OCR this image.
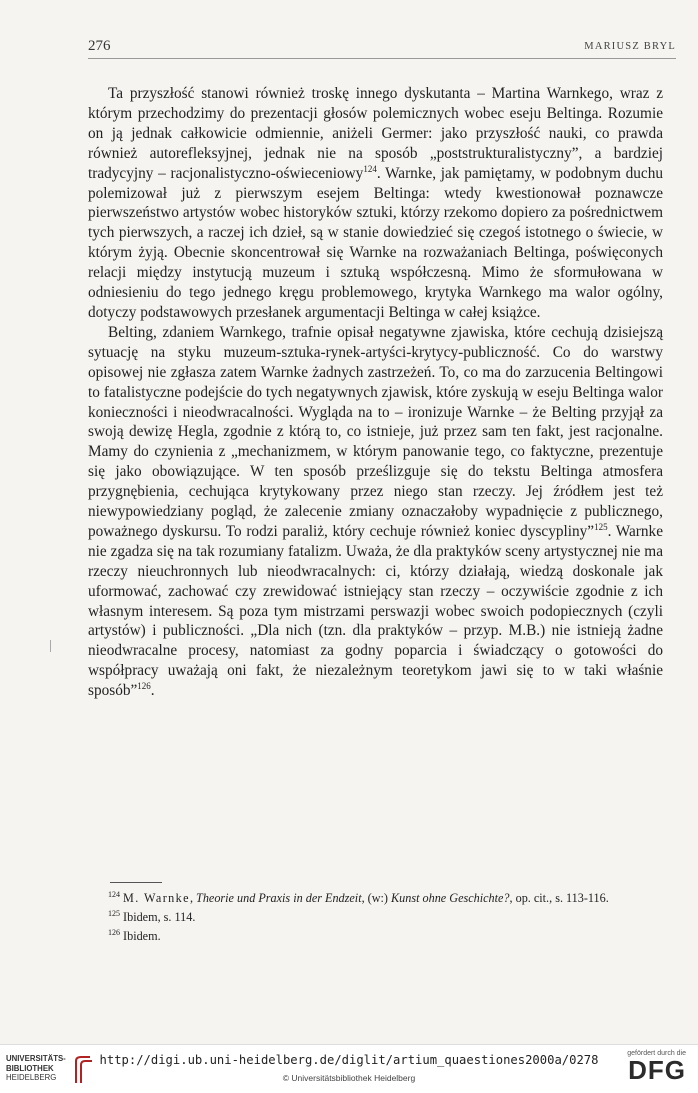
276	MARIUSZ BRYL

Ta przyszłość stanowi również troskę innego dyskutanta – Martina Warnkego, wraz z którym przechodzimy do prezentacji głosów polemicznych wobec eseju Beltinga. Rozumie on ją jednak całkowicie odmiennie, aniżeli Germer: jako przyszłość nauki, co prawda również autorefleksyjnej, jednak nie na sposób „poststrukturalistyczny”, a bardziej tradycyjny – racjonalistyczno-oświeceniowy$^{124}$. Warnke, jak pamiętamy, w podobnym duchu polemizował już z pierwszym esejem Beltinga: wtedy kwestionował poznawcze pierwszeństwo artystów wobec historyków sztuki, którzy rzekomo dopiero za pośrednictwem tych pierwszych, a raczej ich dzieł, są w stanie dowiedzieć się czegoś istotnego o świecie, w którym żyją. Obecnie skoncentrował się Warnke na rozważaniach Beltinga, poświęconych relacji między instytucją muzeum i sztuką współczesną. Mimo że sformułowana w odniesieniu do tego jednego kręgu problemowego, krytyka Warnkego ma walor ogólny, dotyczy podstawowych przesłanek argumentacji Beltinga w całej książce.

Belting, zdaniem Warnkego, trafnie opisał negatywne zjawiska, które cechują dzisiejszą sytuację na styku muzeum-sztuka-rynek-artyści-krytycy-publiczność. Co do warstwy opisowej nie zgłasza zatem Warnke żadnych zastrzeżeń. To, co ma do zarzucenia Beltingowi to fatalistyczne podejście do tych negatywnych zjawisk, które zyskują w eseju Beltinga walor konieczności i nieodwracalności. Wygląda na to – ironizuje Warnke – że Belting przyjął za swoją dewizę Hegla, zgodnie z którą to, co istnieje, już przez sam ten fakt, jest racjonalne. Mamy do czynienia z „mechanizmem, w którym panowanie tego, co faktyczne, prezentuje się jako obowiązujące. W ten sposób prześlizguje się do tekstu Beltinga atmosfera przygnębienia, cechująca krytykowany przez niego stan rzeczy. Jej źródłem jest też niewypowiedziany pogląd, że zalecenie zmiany oznaczałoby wypadnięcie z publicznego, poważnego dyskursu. To rodzi paraliż, który cechuje również koniec dyscypliny”$^{125}$. Warnke nie zgadza się na tak rozumiany fatalizm. Uważa, że dla praktyków sceny artystycznej nie ma rzeczy nieuchronnych lub nieodwracalnych: ci, którzy działają, wiedzą doskonale jak uformować, zachować czy zrewidować istniejący stan rzeczy – oczywiście zgodnie z ich własnym interesem. Są poza tym mistrzami perswazji wobec swoich podopiecznych (czyli artystów) i publiczności. „Dla nich (tzn. dla praktyków – przyp. M.B.) nie istnieją żadne nieodwracalne procesy, natomiast za godny poparcia i świadczący o gotowości do współpracy uważają oni fakt, że niezależnym teoretykom jawi się to w taki właśnie sposób”$^{126}$.

$^{124}$ M. Warnke, Theorie und Praxis in der Endzeit, (w:) Kunst ohne Geschichte?, op. cit., s. 113-116.
$^{125}$ Ibidem, s. 114.
$^{126}$ Ibidem.
UNIVERSITÄTS-
BIBLIOTHEK
HEIDELBERG
http://digi.ub.uni-heidelberg.de/diglit/artium_quaestiones2000a/0278
© Universitätsbibliothek Heidelberg
gefördert durch die
DFG
